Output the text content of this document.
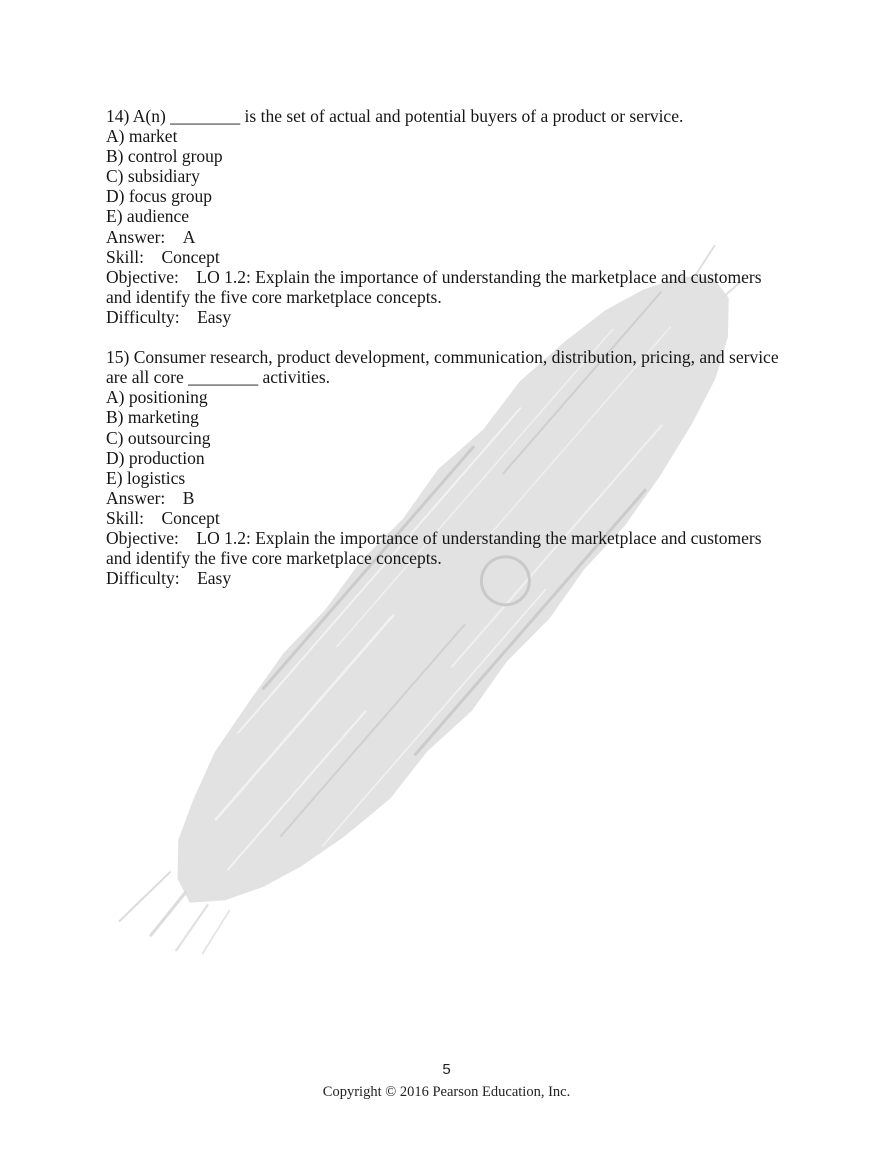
14) A(n) ________ is the set of actual and potential buyers of a product or service.
A) market
B) control group
C) subsidiary
D) focus group
E) audience
Answer: A
Skill: Concept
Objective: LO 1.2: Explain the importance of understanding the marketplace and customers and identify the five core marketplace concepts.
Difficulty: Easy
15) Consumer research, product development, communication, distribution, pricing, and service are all core ________ activities.
A) positioning
B) marketing
C) outsourcing
D) production
E) logistics
Answer: B
Skill: Concept
Objective: LO 1.2: Explain the importance of understanding the marketplace and customers and identify the five core marketplace concepts.
Difficulty: Easy
5
Copyright © 2016 Pearson Education, Inc.
